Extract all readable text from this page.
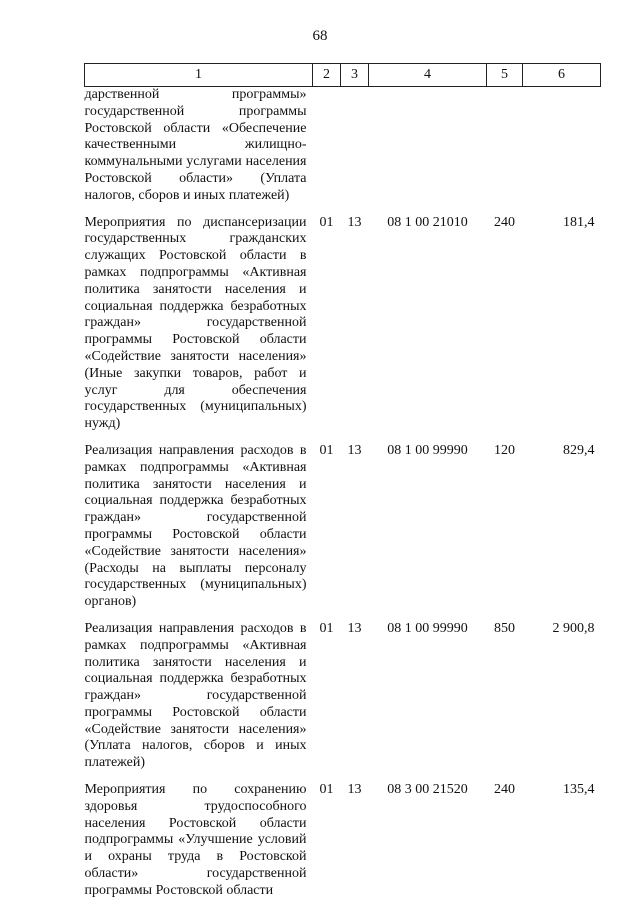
68
1	2	3	4	5	6
дарственной программы» государственной программы Ростовской области «Обеспечение качественными жилищно-коммунальными услугами населения Ростовской области» (Уплата налогов, сборов и иных платежей)					
Мероприятия по диспансеризации государственных гражданских служащих Ростовской области в рамках подпрограммы «Активная политика занятости населения и социальная поддержка безработных граждан» государственной программы Ростовской области «Содействие занятости населения» (Иные закупки товаров, работ и услуг для обеспечения государственных (муниципальных) нужд)	01	13	08 1 00 21010	240	181,4
Реализация направления расходов в рамках подпрограммы «Активная политика занятости населения и социальная поддержка безработных граждан» государственной программы Ростовской области «Содействие занятости населения» (Расходы на выплаты персоналу государственных (муниципальных) органов)	01	13	08 1 00 99990	120	829,4
Реализация направления расходов в рамках подпрограммы «Активная политика занятости населения и социальная поддержка безработных граждан» государственной программы Ростовской области «Содействие занятости населения» (Уплата налогов, сборов и иных платежей)	01	13	08 1 00 99990	850	2 900,8
Мероприятия по сохранению здоровья трудоспособного населения Ростовской области подпрограммы «Улучшение условий и охраны труда в Ростовской области» государственной программы Ростовской области	01	13	08 3 00 21520	240	135,4
